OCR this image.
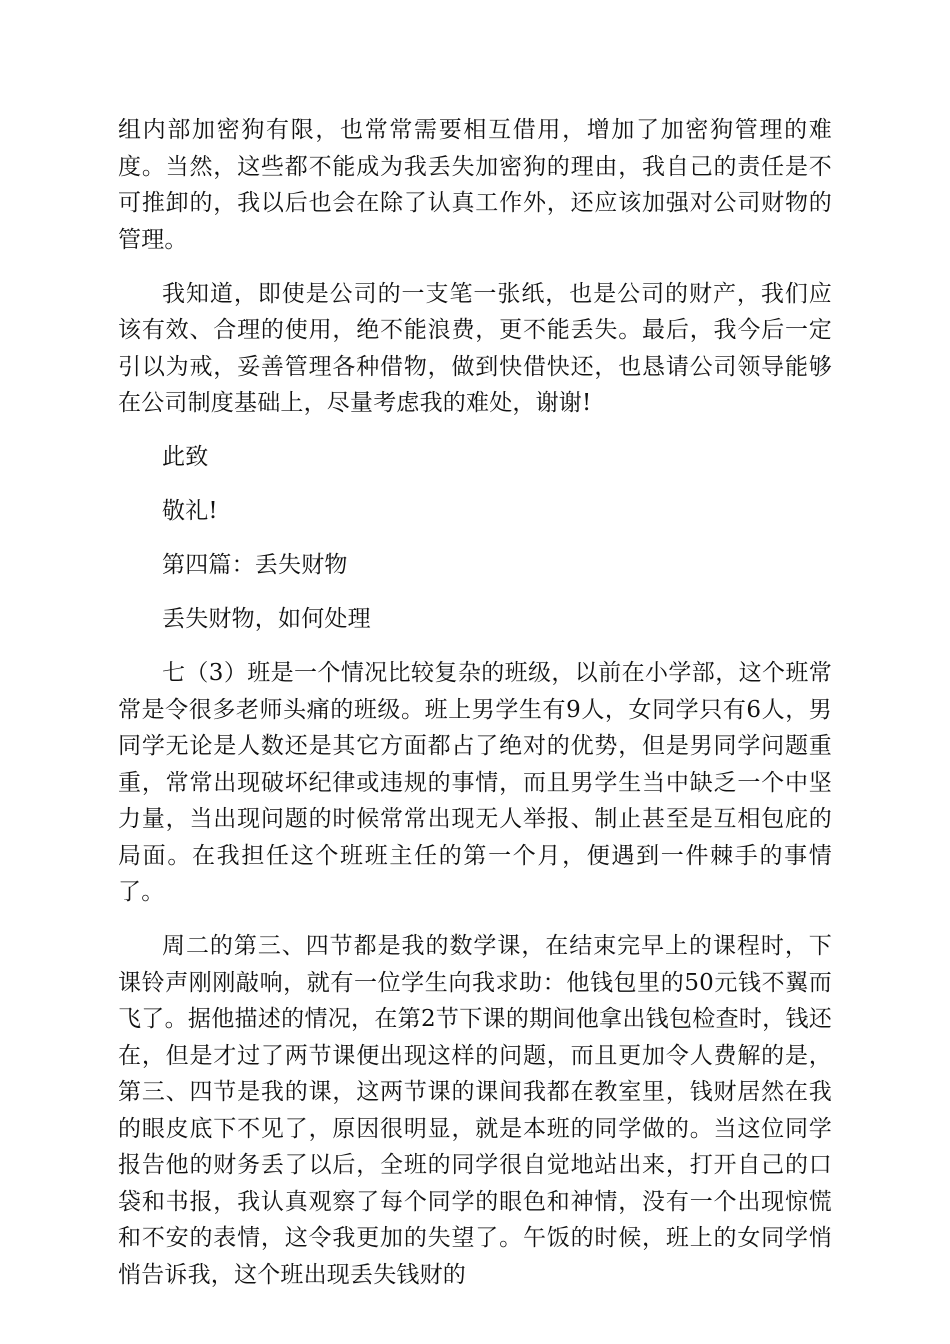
组内部加密狗有限，也常常需要相互借用，增加了加密狗管理的难度。当然，这些都不能成为我丢失加密狗的理由，我自己的责任是不可推卸的，我以后也会在除了认真工作外，还应该加强对公司财物的管理。

我知道，即使是公司的一支笔一张纸，也是公司的财产，我们应该有效、合理的使用，绝不能浪费，更不能丢失。最后，我今后一定引以为戒，妥善管理各种借物，做到快借快还，也恳请公司领导能够在公司制度基础上，尽量考虑我的难处，谢谢!

此致

敬礼!

第四篇：丢失财物

丢失财物，如何处理

七（3）班是一个情况比较复杂的班级，以前在小学部，这个班常常是令很多老师头痛的班级。班上男学生有9人，女同学只有6人，男同学无论是人数还是其它方面都占了绝对的优势，但是男同学问题重重，常常出现破坏纪律或违规的事情，而且男学生当中缺乏一个中坚力量，当出现问题的时候常常出现无人举报、制止甚至是互相包庇的局面。在我担任这个班班主任的第一个月，便遇到一件棘手的事情了。

周二的第三、四节都是我的数学课，在结束完早上的课程时，下课铃声刚刚敲响，就有一位学生向我求助：他钱包里的50元钱不翼而飞了。据他描述的情况，在第2节下课的期间他拿出钱包检查时，钱还在，但是才过了两节课便出现这样的问题，而且更加令人费解的是，第三、四节是我的课，这两节课的课间我都在教室里，钱财居然在我的眼皮底下不见了，原因很明显，就是本班的同学做的。当这位同学报告他的财务丢了以后，全班的同学很自觉地站出来，打开自己的口袋和书报，我认真观察了每个同学的眼色和神情，没有一个出现惊慌和不安的表情，这令我更加的失望了。午饭的时候，班上的女同学悄悄告诉我，这个班出现丢失钱财的
